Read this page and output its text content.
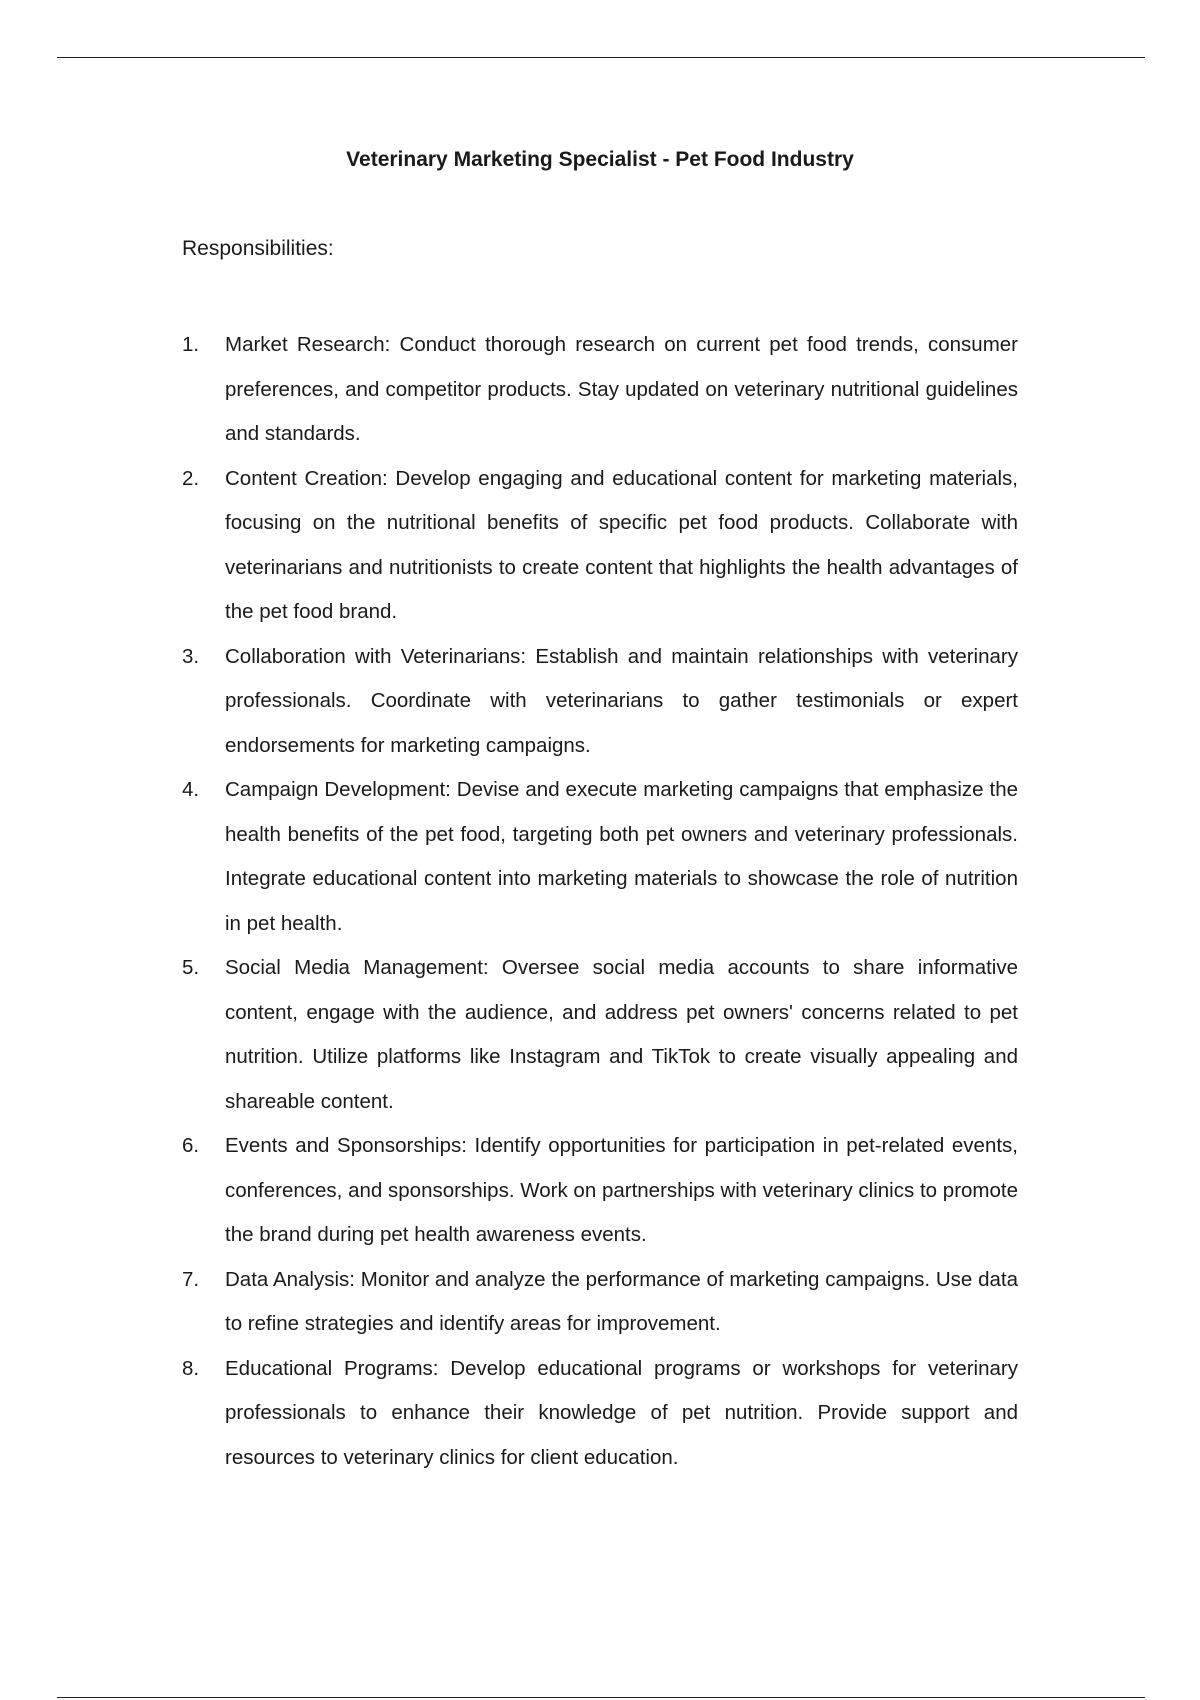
Veterinary Marketing Specialist - Pet Food Industry

Responsibilities:

1.	Market Research: Conduct thorough research on current pet food trends, consumer preferences, and competitor products. Stay updated on veterinary nutritional guidelines and standards.
2.	Content Creation: Develop engaging and educational content for marketing materials, focusing on the nutritional benefits of specific pet food products. Collaborate with veterinarians and nutritionists to create content that highlights the health advantages of the pet food brand.
3.	Collaboration with Veterinarians: Establish and maintain relationships with veterinary professionals. Coordinate with veterinarians to gather testimonials or expert endorsements for marketing campaigns.
4.	Campaign Development: Devise and execute marketing campaigns that emphasize the health benefits of the pet food, targeting both pet owners and veterinary professionals. Integrate educational content into marketing materials to showcase the role of nutrition in pet health.
5.	Social Media Management: Oversee social media accounts to share informative content, engage with the audience, and address pet owners' concerns related to pet nutrition. Utilize platforms like Instagram and TikTok to create visually appealing and shareable content.
6.	Events and Sponsorships: Identify opportunities for participation in pet-related events, conferences, and sponsorships. Work on partnerships with veterinary clinics to promote the brand during pet health awareness events.
7.	Data Analysis: Monitor and analyze the performance of marketing campaigns. Use data to refine strategies and identify areas for improvement.
8.	Educational Programs: Develop educational programs or workshops for veterinary professionals to enhance their knowledge of pet nutrition. Provide support and resources to veterinary clinics for client education.
